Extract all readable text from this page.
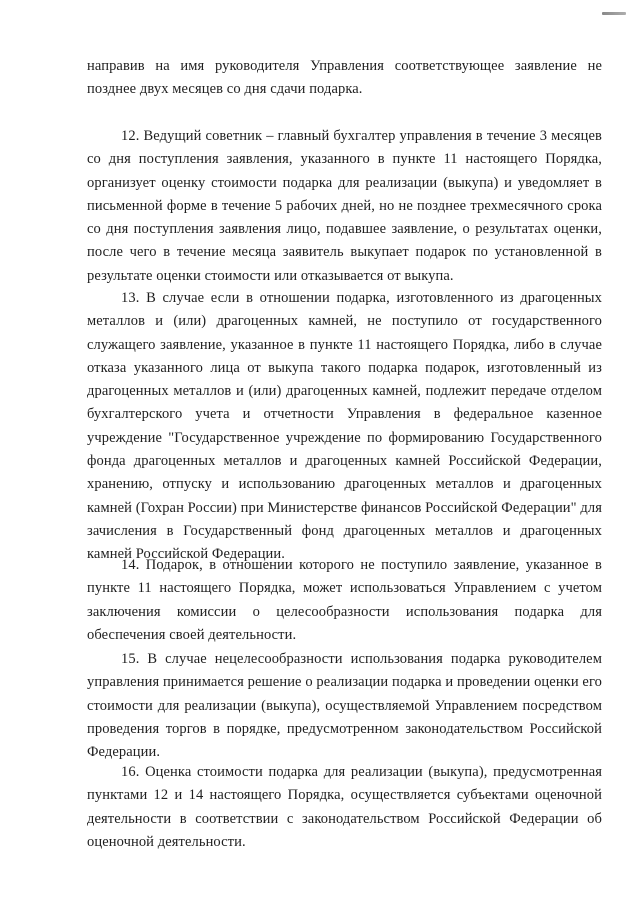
направив на имя руководителя Управления соответствующее заявление не позднее двух месяцев со дня сдачи подарка.

12. Ведущий советник – главный бухгалтер управления в течение 3 месяцев со дня поступления заявления, указанного в пункте 11 настоящего Порядка, организует оценку стоимости подарка для реализации (выкупа) и уведомляет в письменной форме в течение 5 рабочих дней, но не позднее трехмесячного срока со дня поступления заявления лицо, подавшее заявление, о результатах оценки, после чего в течение месяца заявитель выкупает подарок по установленной в результате оценки стоимости или отказывается от выкупа.

13. В случае если в отношении подарка, изготовленного из драгоценных металлов и (или) драгоценных камней, не поступило от государственного служащего заявление, указанное в пункте 11 настоящего Порядка, либо в случае отказа указанного лица от выкупа такого подарка подарок, изготовленный из драгоценных металлов и (или) драгоценных камней, подлежит передаче отделом бухгалтерского учета и отчетности Управления в федеральное казенное учреждение "Государственное учреждение по формированию Государственного фонда драгоценных металлов и драгоценных камней Российской Федерации, хранению, отпуску и использованию драгоценных металлов и драгоценных камней (Гохран России) при Министерстве финансов Российской Федерации" для зачисления в Государственный фонд драгоценных металлов и драгоценных камней Российской Федерации.

14. Подарок, в отношении которого не поступило заявление, указанное в пункте 11 настоящего Порядка, может использоваться Управлением с учетом заключения комиссии о целесообразности использования подарка для обеспечения своей деятельности.

15. В случае нецелесообразности использования подарка руководителем управления принимается решение о реализации подарка и проведении оценки его стоимости для реализации (выкупа), осуществляемой Управлением посредством проведения торгов в порядке, предусмотренном законодательством Российской Федерации.

16. Оценка стоимости подарка для реализации (выкупа), предусмотренная пунктами 12 и 14 настоящего Порядка, осуществляется субъектами оценочной деятельности в соответствии с законодательством Российской Федерации об оценочной деятельности.
